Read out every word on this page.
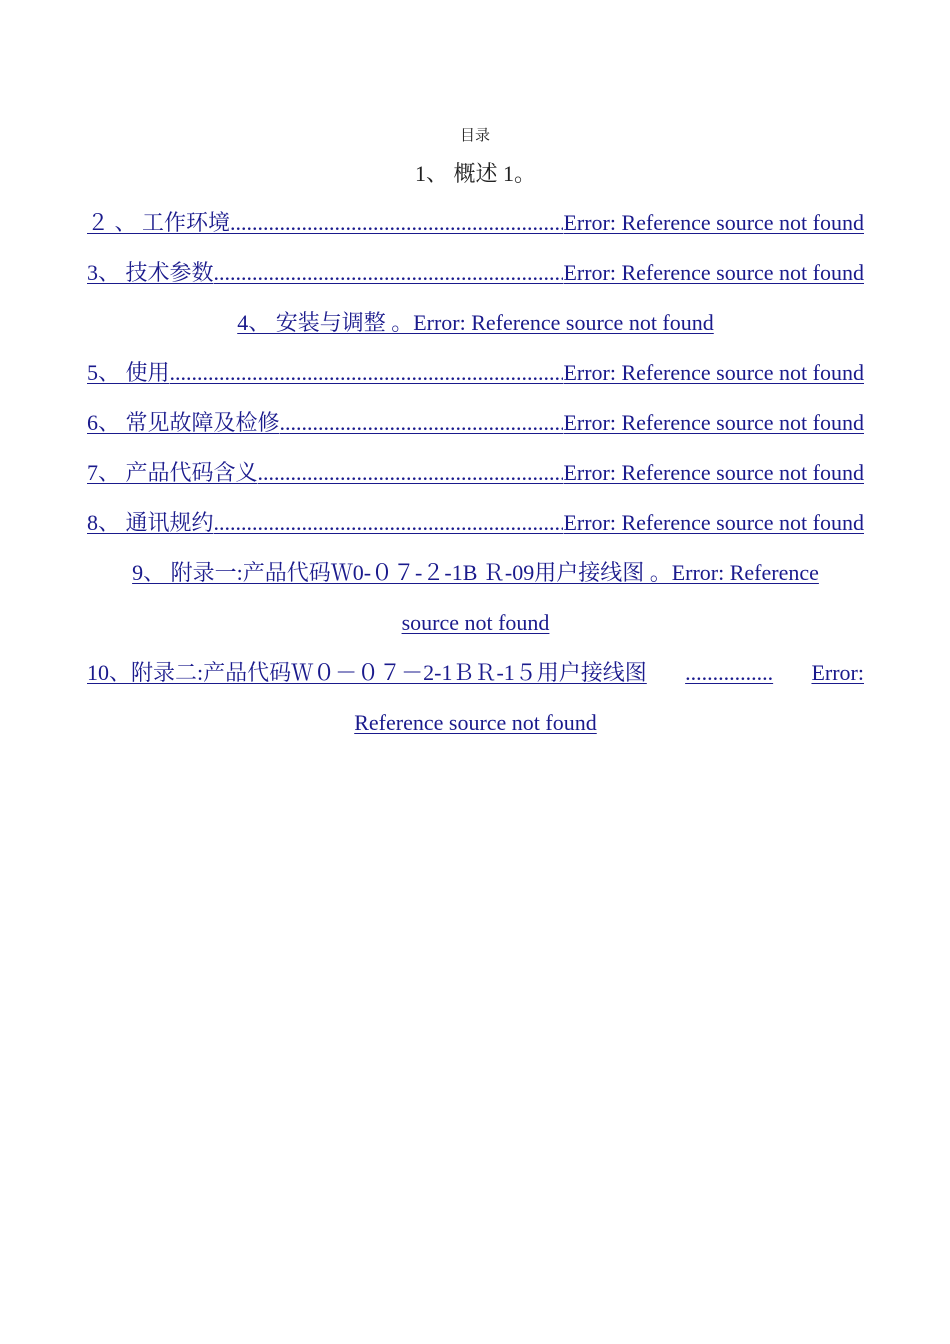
目录
1、 概述 1。
２ 、 工作环境 .....	Error: Reference source not found
3、 技术参数 .....	Error: Reference source not found
4、 安装与调整 。Error: Reference source not found
5、 使用 .....	Error: Reference source not found
6、 常见故障及检修 .....	Error: Reference source not found
7、 产品代码含义 .....	Error: Reference source not found
8、 通讯规约 .....	Error: Reference source not found
9、 附录一:产品代码Ｗ0-０７-２-1B Ｒ-09用户接线图 。Error: Reference
source not found
10、附录二:产品代码Ｗ０－０７－2-1ＢＲ-1５用户接线图 ................ Error:
Reference source not found
